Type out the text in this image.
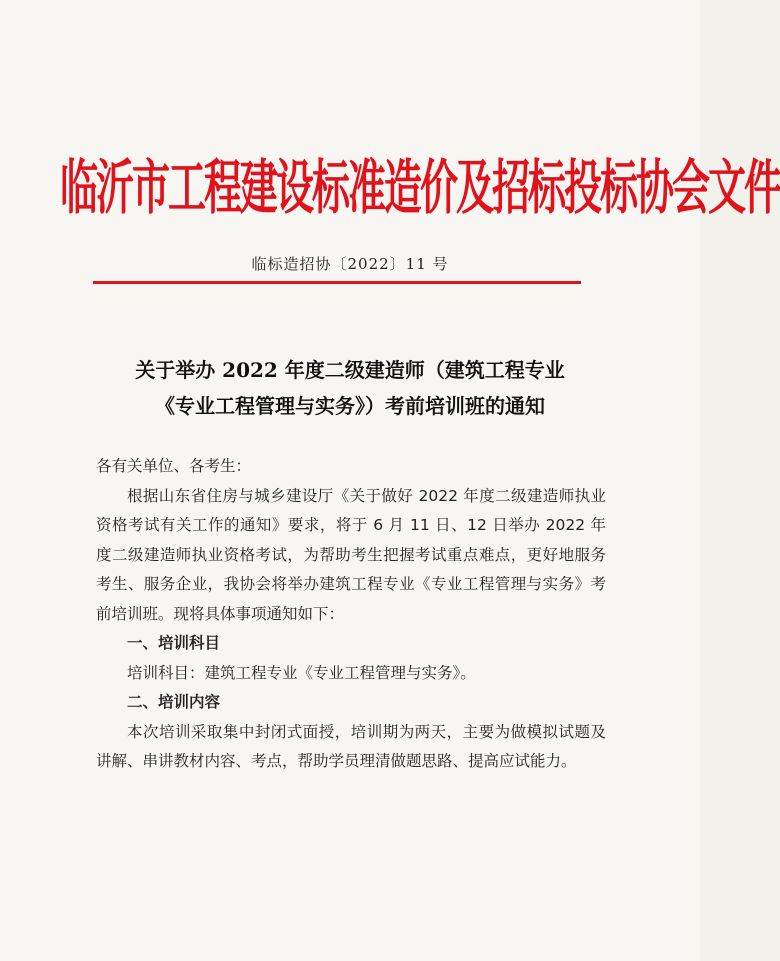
临沂市工程建设标准造价及招标投标协会文件
临标造招协〔2022〕11 号
关于举办 2022 年度二级建造师（建筑工程专业
《专业工程管理与实务》）考前培训班的通知

各有关单位、各考生：

根据山东省住房与城乡建设厅《关于做好 2022 年度二级建造师执业资格考试有关工作的通知》要求，将于 6 月 11 日、12 日举办 2022 年度二级建造师执业资格考试，为帮助考生把握考试重点难点，更好地服务考生、服务企业，我协会将举办建筑工程专业《专业工程管理与实务》考前培训班。现将具体事项通知如下：

一、培训科目

培训科目：建筑工程专业《专业工程管理与实务》。

二、培训内容

本次培训采取集中封闭式面授，培训期为两天，主要为做模拟试题及讲解、串讲教材内容、考点，帮助学员理清做题思路、提高应试能力。
